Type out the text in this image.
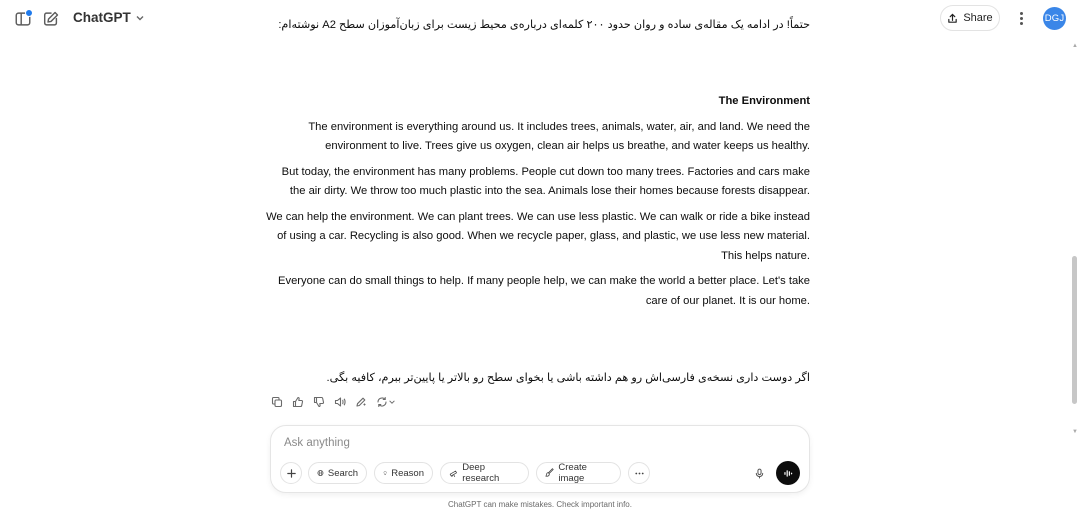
ChatGPT	Share	DGJ
حتماً! در ادامه یک مقاله‌ی ساده و روان حدود ۲۰۰ کلمه‌ای درباره‌ی محیط زیست برای زبان‌آموزان سطح A2 نوشته‌ام:
The Environment
The environment is everything around us. It includes trees, animals, water, air, and land. We need the
environment to live. Trees give us oxygen, clean air helps us breathe, and water keeps us healthy.
But today, the environment has many problems. People cut down too many trees. Factories and cars make
the air dirty. We throw too much plastic into the sea. Animals lose their homes because forests disappear.
We can help the environment. We can plant trees. We can use less plastic. We can walk or ride a bike instead
of using a car. Recycling is also good. When we recycle paper, glass, and plastic, we use less new material.
This helps nature.
Everyone can do small things to help. If many people help, we can make the world a better place. Let's take
care of our planet. It is our home.
اگر دوست داری نسخه‌ی فارسی‌اش رو هم داشته باشی یا بخوای سطح رو بالاتر یا پایین‌تر ببرم، کافیه بگی.
Ask anything
Search	Reason	Deep research
Create image
ChatGPT can make mistakes. Check important info.
▲
▼
